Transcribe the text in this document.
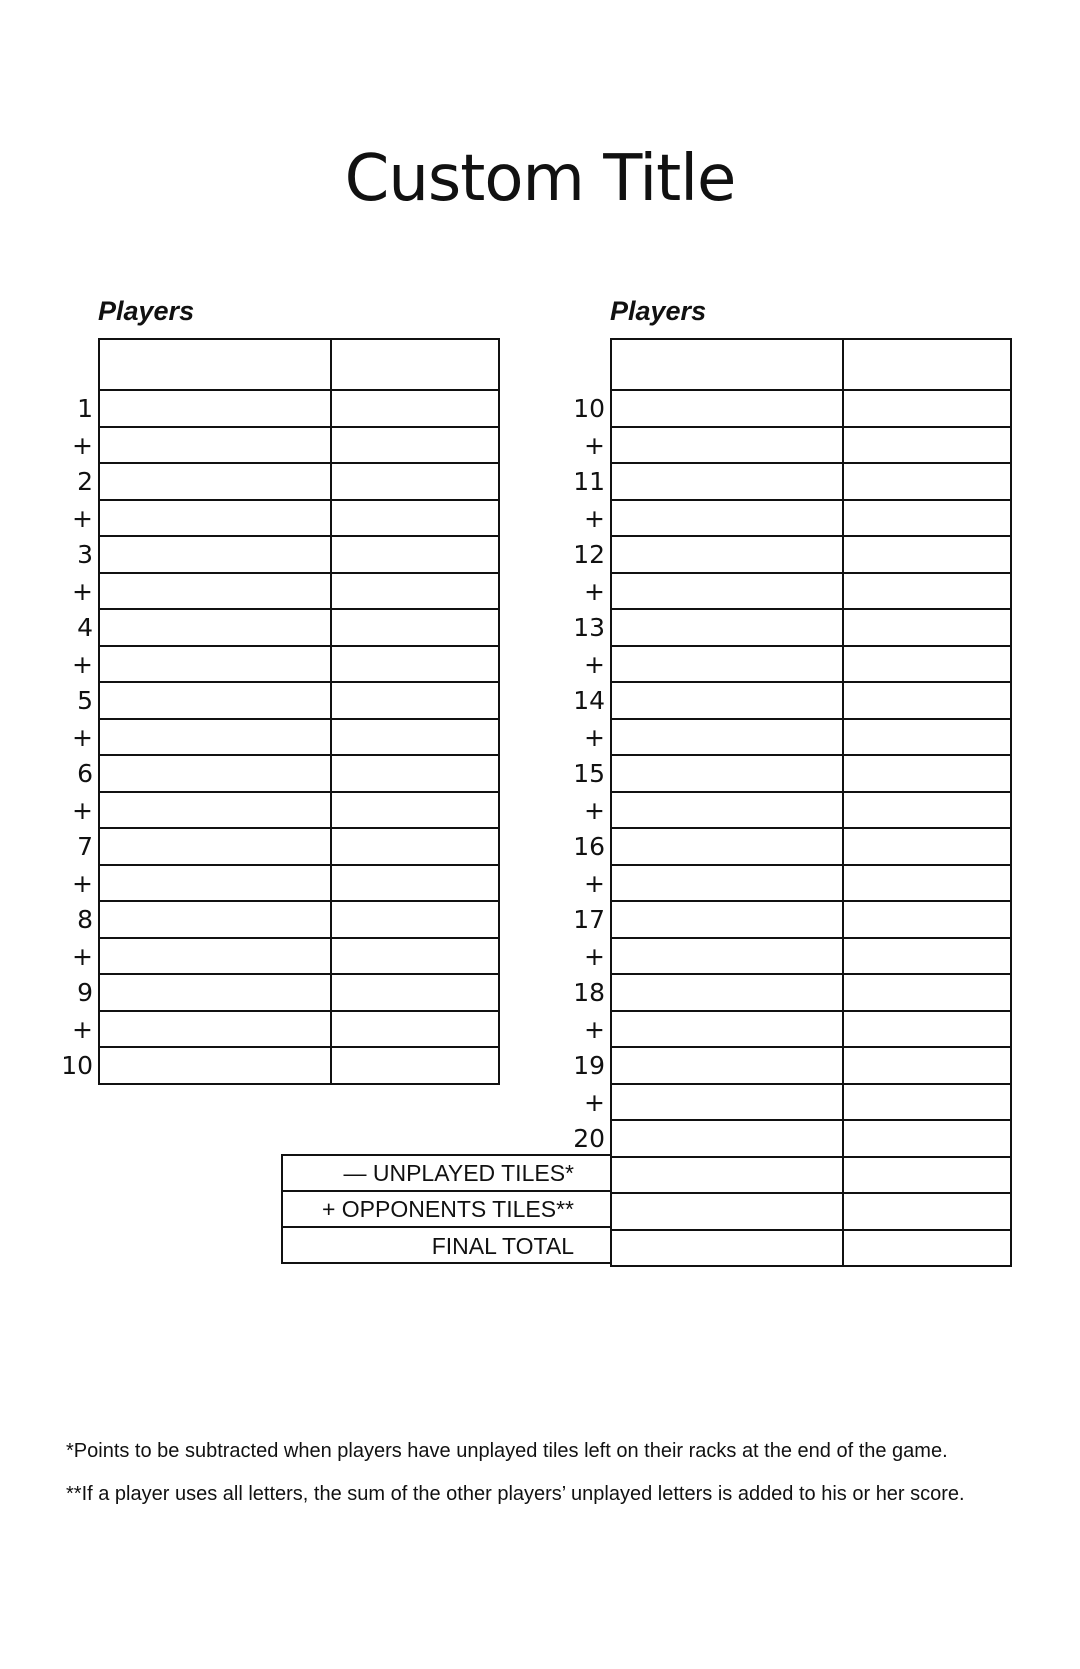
Custom Title
Players	Players
— UNPLAYED TILES*
+ OPPONENTS TILES**
FINAL TOTAL
*Points to be subtracted when players have unplayed tiles left on their racks at the end of the game.
**If a player uses all letters, the sum of the other players’ unplayed letters is added to his or her score.
1
+
2
+
3
+
4
+
5
+
6
+
7
+
8
+
9
+
10
10
+
11
+
12
+
13
+
14
+
15
+
16
+
17
+
18
+
19
+
20
